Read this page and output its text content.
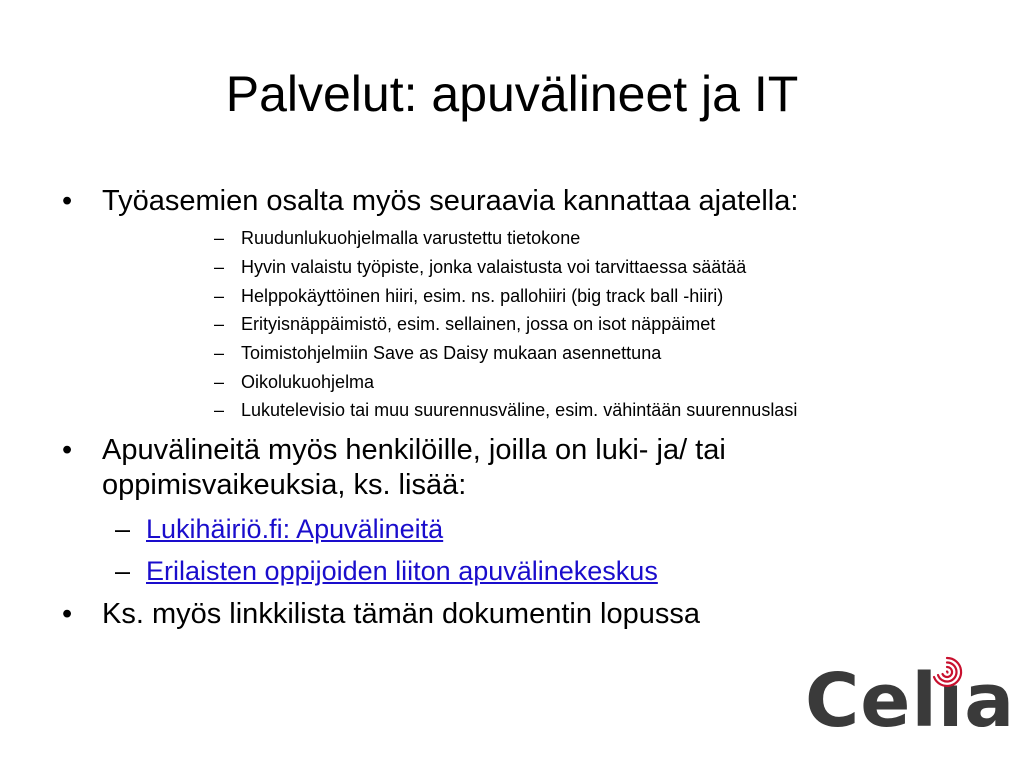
Palvelut: apuvälineet ja IT
•	Työasemien osalta myös seuraavia kannattaa ajatella:
– Ruudunlukuohjelmalla varustettu tietokone
– Hyvin valaistu työpiste, jonka valaistusta voi tarvittaessa säätää
– Helppokäyttöinen hiiri, esim. ns. pallohiiri (big track ball -hiiri)
– Erityisnäppäimistö, esim. sellainen, jossa on isot näppäimet
– Toimistohjelmiin Save as Daisy mukaan asennettuna
– Oikolukuohjelma
– Lukutelevisio tai muu suurennusväline, esim. vähintään suurennuslasi
•	Apuvälineitä myös henkilöille, joilla on luki- ja/ tai oppimisvaikeuksia, ks. lisää:
– Lukihäiriö.fi: Apuvälineitä
– Erilaisten oppijoiden liiton apuvälinekeskus
•	Ks. myös linkkilista tämän dokumentin lopussa
Celıa
